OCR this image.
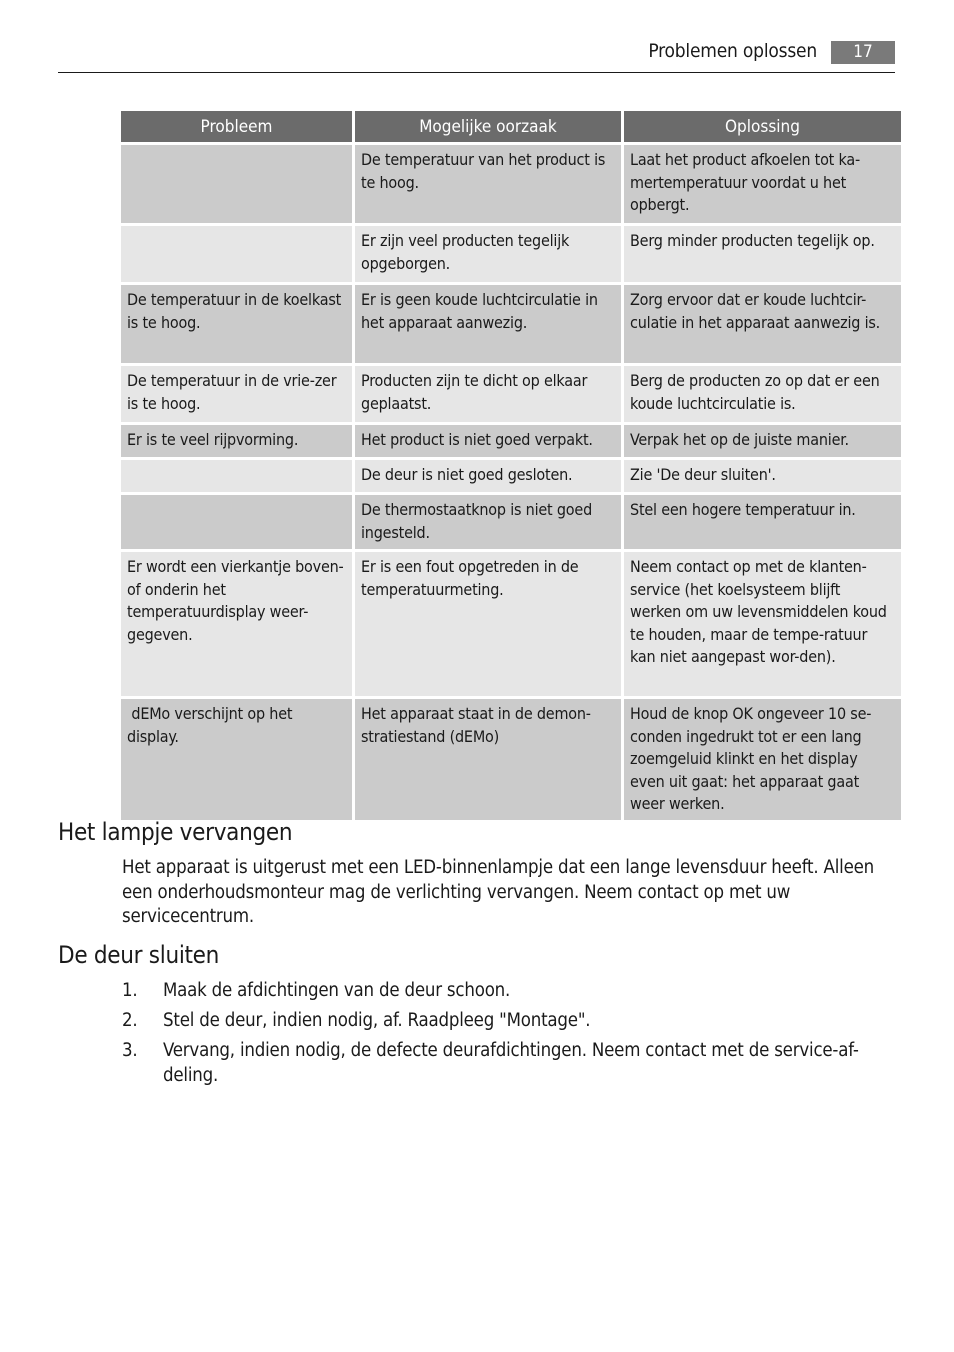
Problemen oplossen	17
Probleem	Mogelijke oorzaak	Oplossing
	De temperatuur van het product is te hoog.	Laat het product afkoelen tot ka-mertemperatuur voordat u het opbergt.
	Er zijn veel producten tegelijk opgeborgen.	Berg minder producten tegelijk op.
De temperatuur in de koelkast is te hoog.	Er is geen koude luchtcirculatie in het apparaat aanwezig.	Zorg ervoor dat er koude luchtcir-culatie in het apparaat aanwezig is.
De temperatuur in de vrie-zer is te hoog.	Producten zijn te dicht op elkaar geplaatst.	Berg de producten zo op dat er een koude luchtcirculatie is.
Er is te veel rijpvorming.	Het product is niet goed verpakt.	Verpak het op de juiste manier.
	De deur is niet goed gesloten.	Zie 'De deur sluiten'.
	De thermostaatknop is niet goed ingesteld.	Stel een hogere temperatuur in.
Er wordt een vierkantje boven- of onderin het temperatuurdisplay weer-gegeven.	Er is een fout opgetreden in de temperatuurmeting.	Neem contact op met de klanten-service (het koelsysteem blijft werken om uw levensmiddelen koud te houden, maar de tempe-ratuur kan niet aangepast wor-den).
dEMo verschijnt op het display.	Het apparaat staat in de demon-stratiestand (dEMo)	Houd de knop OK ongeveer 10 se-conden ingedrukt tot er een lang zoemgeluid klinkt en het display even uit gaat: het apparaat gaat weer werken.
Het lampje vervangen
Het apparaat is uitgerust met een LED-binnenlampje dat een lange levensduur heeft. Alleen een onderhoudsmonteur mag de verlichting vervangen. Neem contact op met uw servicecentrum.
De deur sluiten
1. Maak de afdichtingen van de deur schoon.
2. Stel de deur, indien nodig, af. Raadpleeg "Montage".
3. Vervang, indien nodig, de defecte deurafdichtingen. Neem contact met de service-af-deling.
